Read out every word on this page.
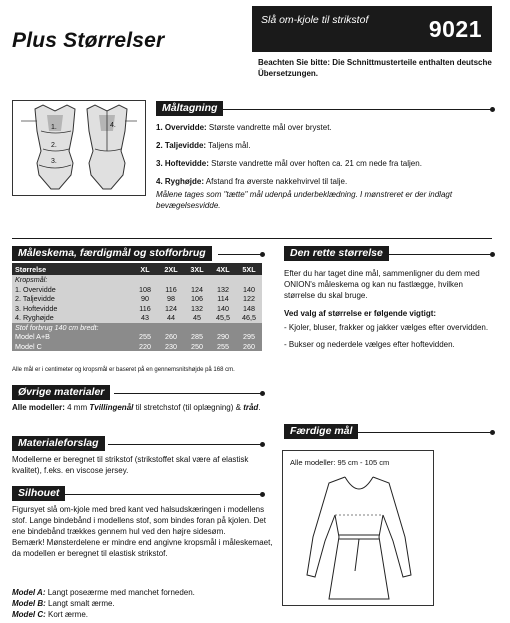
Plus Størrelser
Slå om-kjole til strikstof	9021
Beachten Sie bitte: Die Schnittmusterteile enthalten deutsche Übersetzungen.
1.
2.
3.
4.
Måltagning
1. Overvidde: Største vandrette mål over brystet.
2. Taljevidde: Taljens mål.
3. Hoftevidde: Største vandrette mål over hoften ca. 21 cm nede fra taljen.
4. Ryghøjde: Afstand fra øverste nakkehvirvel til talje.
Målene tages som "tætte" mål udenpå underbeklædning. I mønstreret er der indlagt bevægelsesvidde.
Måleskema, færdigmål og stofforbrug
Størrelse	XL	2XL	3XL	4XL	5XL
Kropsmål:					
1. Overvidde	108	116	124	132	140
2. Taljevidde	90	98	106	114	122
3. Hoftevidde	116	124	132	140	148
4. Ryghøjde	43	44	45	45,5	46,5
Stof forbrug 140 cm bredt:					
Model A+B	255	260	285	290	295
Model C	220	230	250	255	260
Alle mål er i centimeter og kropsmål er baseret på en gennemsnitshøjde på 168 cm.
Den rette størrelse

Efter du har taget dine mål, sammenligner du dem med ONION's måleskema og kan nu fastlægge, hvilken størrelse du skal bruge.

Ved valg af størrelse er følgende vigtigt:

- Kjoler, bluser, frakker og jakker vælges efter overvidden.
- Bukser og nederdele vælges efter hoftevidden.
Øvrige materialer
Alle modeller: 4 mm Tvillingenål til stretchstof (til oplægning) & tråd.
Materialeforslag
Modellerne er beregnet til strikstof (strikstoffet skal være af elastisk kvalitet), f.eks. en viscose jersey.
Silhouet
Figursyet slå om-kjole med bred kant ved halsudskæringen i modellens stof. Lange bindebånd i modellens stof, som bindes foran på kjolen. Det ene bindebånd trækkes gennem hul ved den højre sidesøm.
Bemærk! Mønsterdelene er mindre end angivne kropsmål i måleskemaet, da modellen er beregnet til elastisk strikstof.
Model A: Langt poseærme med manchet forneden.
Model B: Langt smalt ærme.
Model C: Kort ærme.
Færdige mål
Alle modeller: 95 cm - 105 cm
